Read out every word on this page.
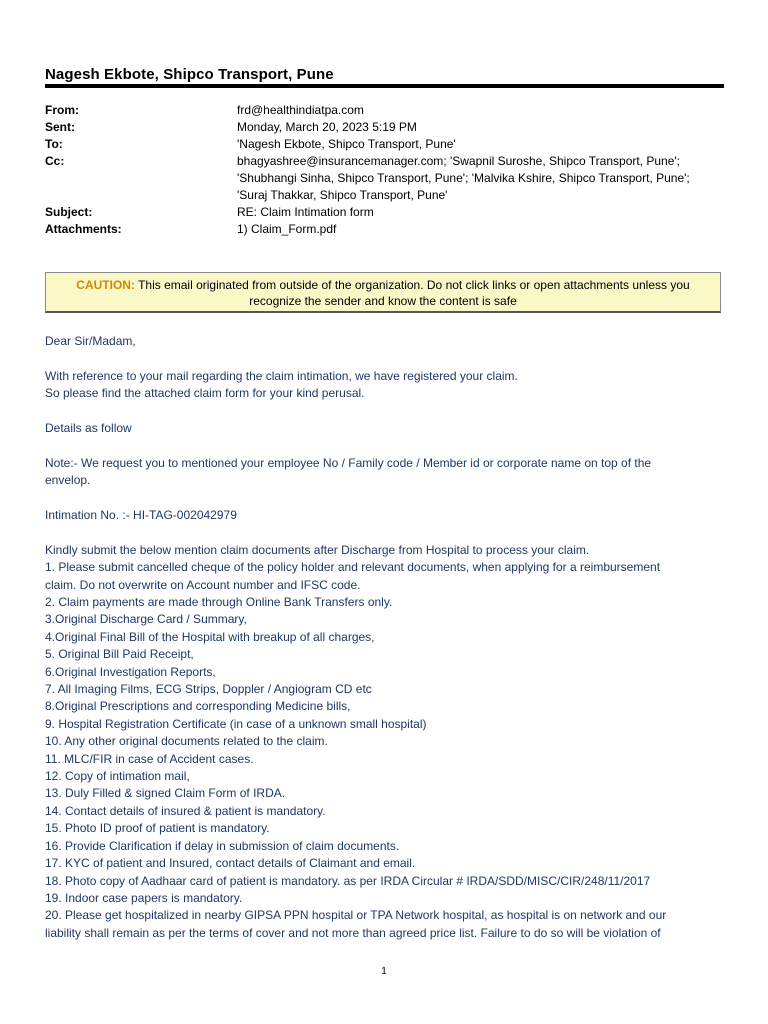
Nagesh Ekbote, Shipco Transport, Pune
From:	frd@healthindiatpa.com
Sent:	Monday, March 20, 2023 5:19 PM
To:	'Nagesh Ekbote, Shipco Transport, Pune'
Cc:	bhagyashree@insurancemanager.com; 'Swapnil Suroshe, Shipco Transport, Pune';
'Shubhangi Sinha, Shipco Transport, Pune'; 'Malvika Kshire, Shipco Transport, Pune';
'Suraj Thakkar, Shipco Transport, Pune'
Subject:	RE: Claim Intimation form
Attachments:	1) Claim_Form.pdf
CAUTION: This email originated from outside of the organization. Do not click links or open attachments unless you
recognize the sender and know the content is safe

Dear Sir/Madam,

With reference to your mail regarding the claim intimation, we have registered your claim.

So please find the attached claim form for your kind perusal.

Details as follow

Note:- We request you to mentioned your employee No / Family code / Member id or corporate name on top of the

envelop.

Intimation No. :- HI-TAG-002042979

Kindly submit the below mention claim documents after Discharge from Hospital to process your claim.

1. Please submit cancelled cheque of the policy holder and relevant documents, when applying for a reimbursement

claim. Do not overwrite on Account number and IFSC code.

2. Claim payments are made through Online Bank Transfers only.

3.Original Discharge Card / Summary,

4.Original Final Bill of the Hospital with breakup of all charges,

5. Original Bill Paid Receipt,

6.Original Investigation Reports,

7. All Imaging Films, ECG Strips, Doppler / Angiogram CD etc

8.Original Prescriptions and corresponding Medicine bills,

9. Hospital Registration Certificate (in case of a unknown small hospital)

10. Any other original documents related to the claim.

11. MLC/FIR in case of Accident cases.

12. Copy of intimation mail,

13. Duly Filled & signed Claim Form of IRDA.

14. Contact details of insured & patient is mandatory.

15. Photo ID proof of patient is mandatory.

16. Provide Clarification if delay in submission of claim documents.

17. KYC of patient and Insured, contact details of Claimant and email.

18. Photo copy of Aadhaar card of patient is mandatory. as per IRDA Circular # IRDA/SDD/MISC/CIR/248/11/2017

19. Indoor case papers is mandatory.

20. Please get hospitalized in nearby GIPSA PPN hospital or TPA Network hospital, as hospital is on network and our

liability shall remain as per the terms of cover and not more than agreed price list. Failure to do so will be violation of

1
